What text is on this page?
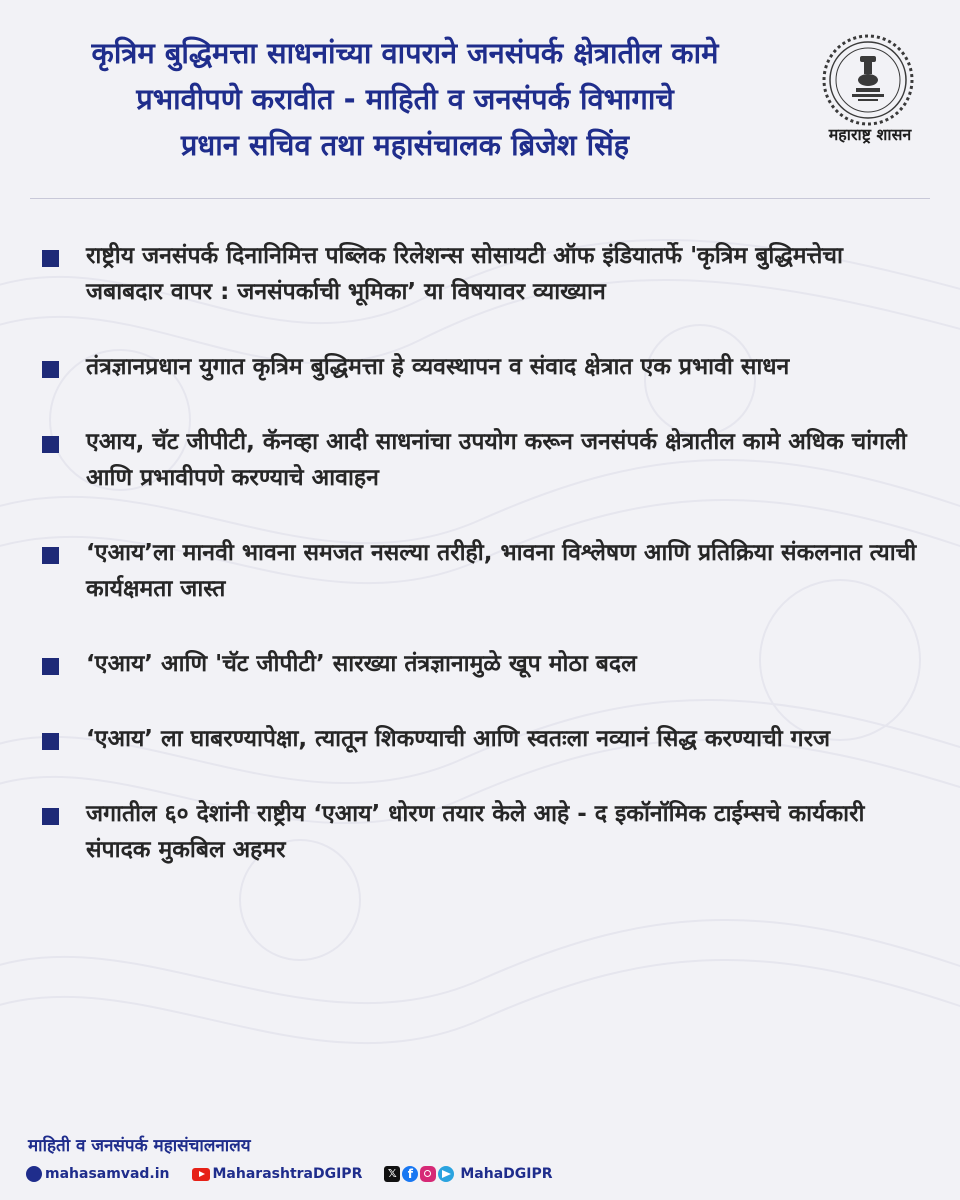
कृत्रिम बुद्धिमत्ता साधनांच्या वापराने जनसंपर्क क्षेत्रातील कामे
प्रभावीपणे करावीत - माहिती व जनसंपर्क विभागाचे
प्रधान सचिव तथा महासंचालक ब्रिजेश सिंह	महाराष्ट्र शासन
राष्ट्रीय जनसंपर्क दिनानिमित्त पब्लिक रिलेशन्स सोसायटी ऑफ इंडियातर्फे 'कृत्रिम बुद्धिमत्तेचा जबाबदार वापर : जनसंपर्काची भूमिका’ या विषयावर व्याख्यान
तंत्रज्ञानप्रधान युगात कृत्रिम बुद्धिमत्ता हे व्यवस्थापन व संवाद क्षेत्रात एक प्रभावी साधन
एआय, चॅट जीपीटी, कॅनव्हा आदी साधनांचा उपयोग करून जनसंपर्क क्षेत्रातील कामे अधिक चांगली आणि प्रभावीपणे करण्याचे आवाहन
‘एआय’ला मानवी भावना समजत नसल्या तरीही, भावना विश्लेषण आणि प्रतिक्रिया संकलनात त्याची कार्यक्षमता जास्त
‘एआय’ आणि 'चॅट जीपीटी’ सारख्या तंत्रज्ञानामुळे खूप मोठा बदल
‘एआय’ ला घाबरण्यापेक्षा, त्यातून शिकण्याची आणि स्वतःला नव्यानं सिद्ध करण्याची गरज
जगातील ६० देशांनी राष्ट्रीय ‘एआय’ धोरण तयार केले आहे - द इकॉनॉमिक टाईम्सचे कार्यकारी संपादक मुकबिल अहमर
माहिती व जनसंपर्क महासंचालनालय
mahasamvad.in	MaharashtraDGIPR	𝕏 f	MahaDGIPR
